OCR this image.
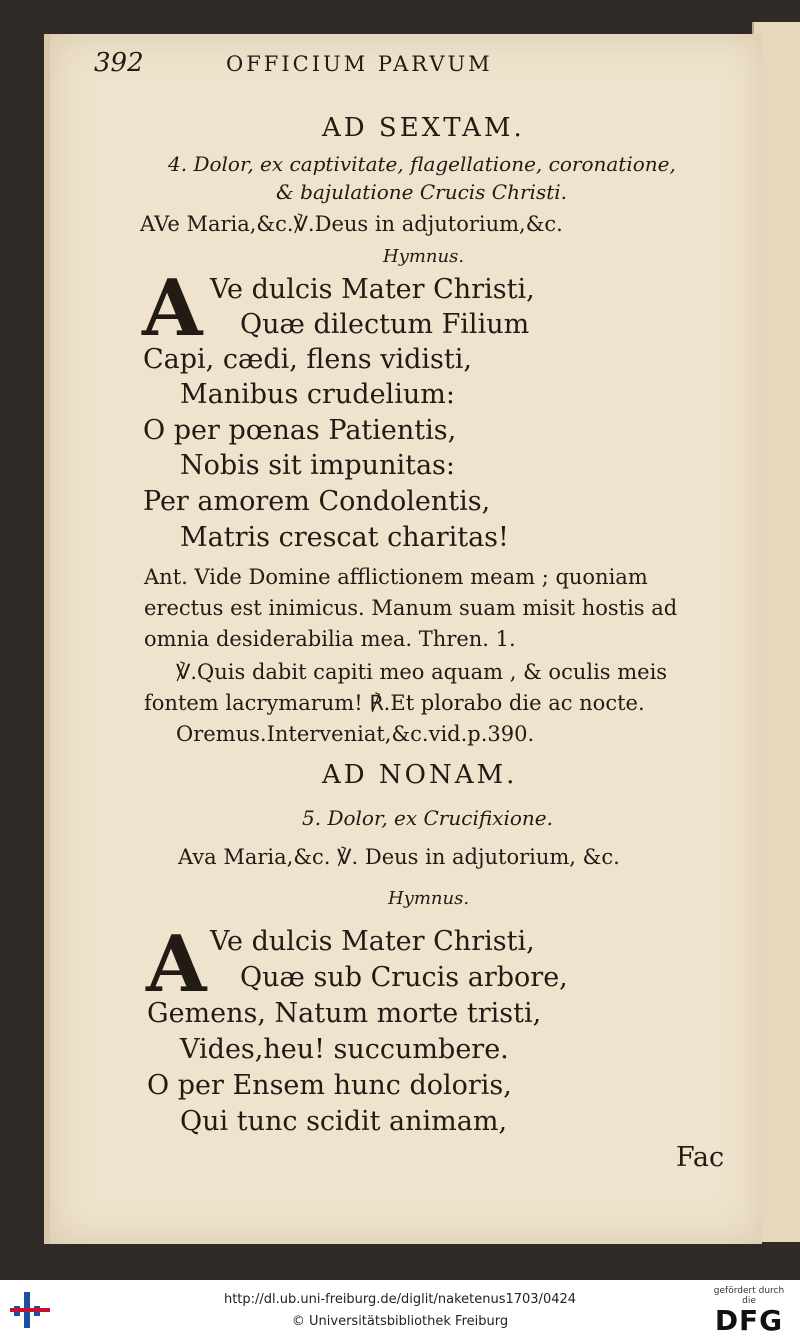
392	OFFICIUM PARVUM
AD SEXTAM.
4. Dolor, ex captivitate, flagellatione, coronatione,
& bajulatione Crucis Christi.
AVe Maria,&c.℣.Deus in adjutorium,&c.
Hymnus.
A Ve dulcis Mater Christi,
Quæ dilectum Filium
Capi, cædi, flens vidisti,
Manibus crudelium:
O per pœnas Patientis,
Nobis sit impunitas:
Per amorem Condolentis,
Matris crescat charitas!
Ant. Vide Domine afflictionem meam ; quoniam
erectus est inimicus. Manum suam misit hostis ad
omnia desiderabilia mea. Thren. 1.
℣.Quis dabit capiti meo aquam , & oculis meis
fontem lacrymarum! ℟.Et plorabo die ac nocte.
Oremus.Interveniat,&c.vid.p.390.
AD NONAM.
5. Dolor, ex Crucifixione.
Ava Maria,&c. ℣. Deus in adjutorium, &c.
Hymnus.
A Ve dulcis Mater Christi,
Quæ sub Crucis arbore,
Gemens, Natum morte tristi,
Vides,heu! succumbere.
O per Ensem hunc doloris,
Qui tunc scidit animam,
Fac
http://dl.ub.uni-freiburg.de/diglit/naketenus1703/0424
© Universitätsbibliothek Freiburg
gefördert durch die
DFG
